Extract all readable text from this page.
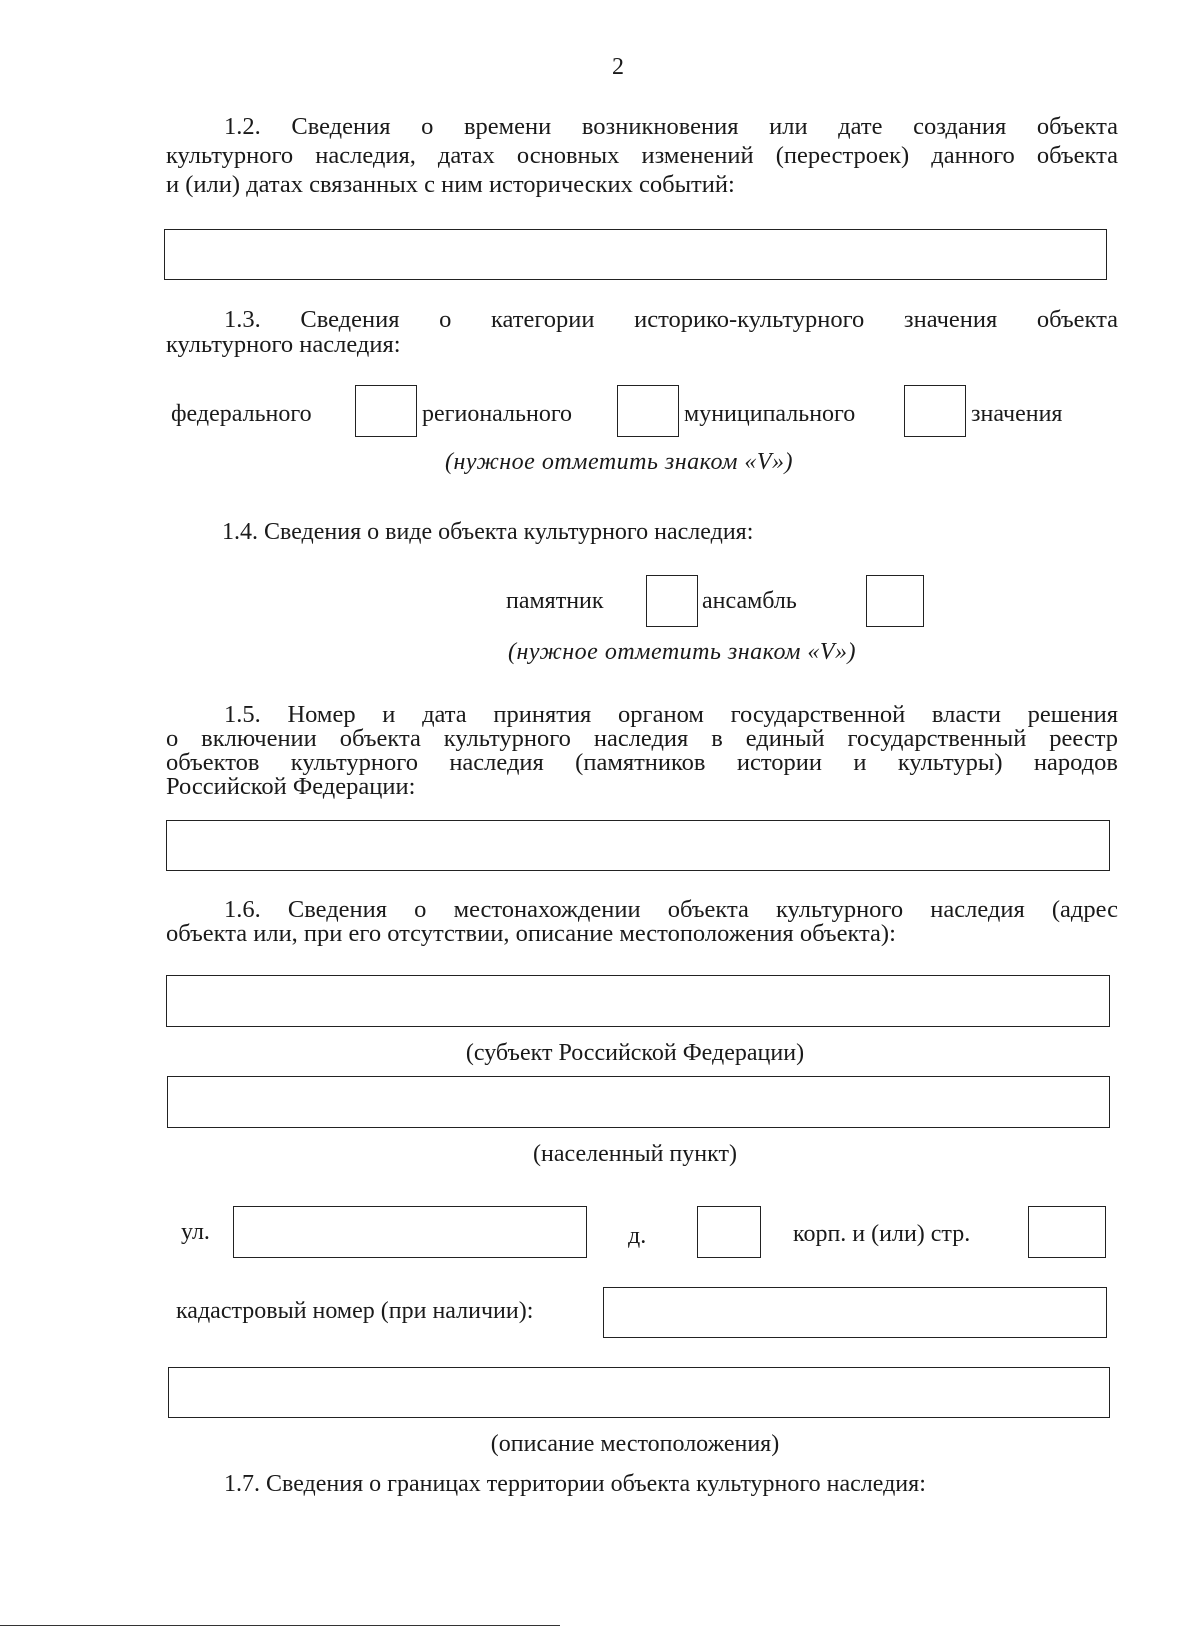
2
1.2. Сведения о времени возникновения или дате создания объекта
культурного наследия, датах основных изменений (перестроек) данного объекта
и (или) датах связанных с ним исторических событий:
1.3. Сведения о категории историко-культурного значения объекта
культурного наследия:
федерального	регионального	муниципального	значения
(нужное отметить знаком «V»)
1.4. Сведения о виде объекта культурного наследия:
памятник	ансамбль
(нужное отметить знаком «V»)
1.5. Номер и дата принятия органом государственной власти решения
о включении объекта культурного наследия в единый государственный реестр
объектов культурного наследия (памятников истории и культуры) народов
Российской Федерации:
1.6. Сведения о местонахождении объекта культурного наследия (адрес
объекта или, при его отсутствии, описание местоположения объекта):
(субъект Российской Федерации)
(населенный пункт)
ул.	д.	корп. и (или) стр.
кадастровый номер (при наличии):
(описание местоположения)
1.7. Сведения о границах территории объекта культурного наследия:
